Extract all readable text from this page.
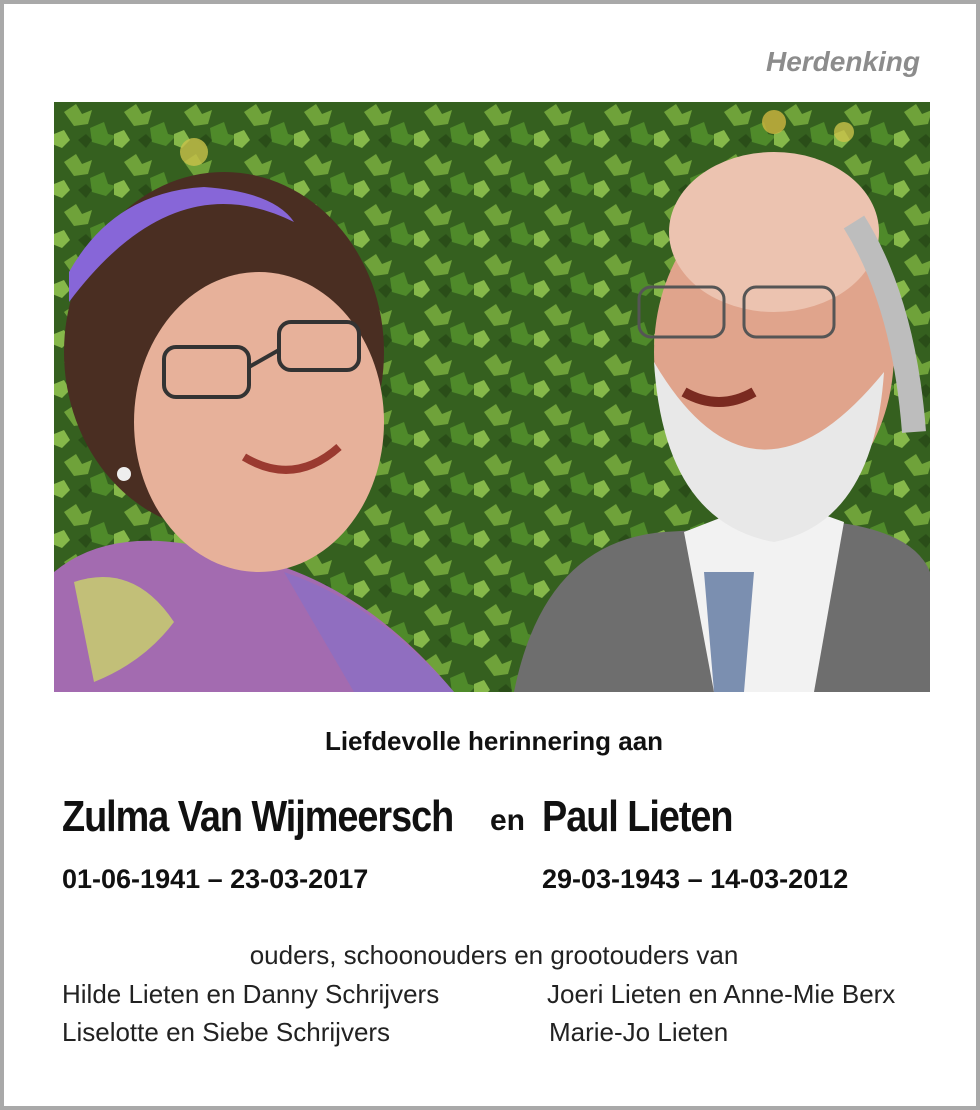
Herdenking
Liefdevolle herinnering aan
Zulma Van Wijmeersch en Paul Lieten
01-06-1941 – 23-03-2017	29-03-1943 – 14-03-2012
ouders, schoonouders en grootouders van
Hilde Lieten en Danny Schrijvers	Joeri Lieten en Anne-Mie Berx
Liselotte en Siebe Schrijvers	Marie-Jo Lieten
